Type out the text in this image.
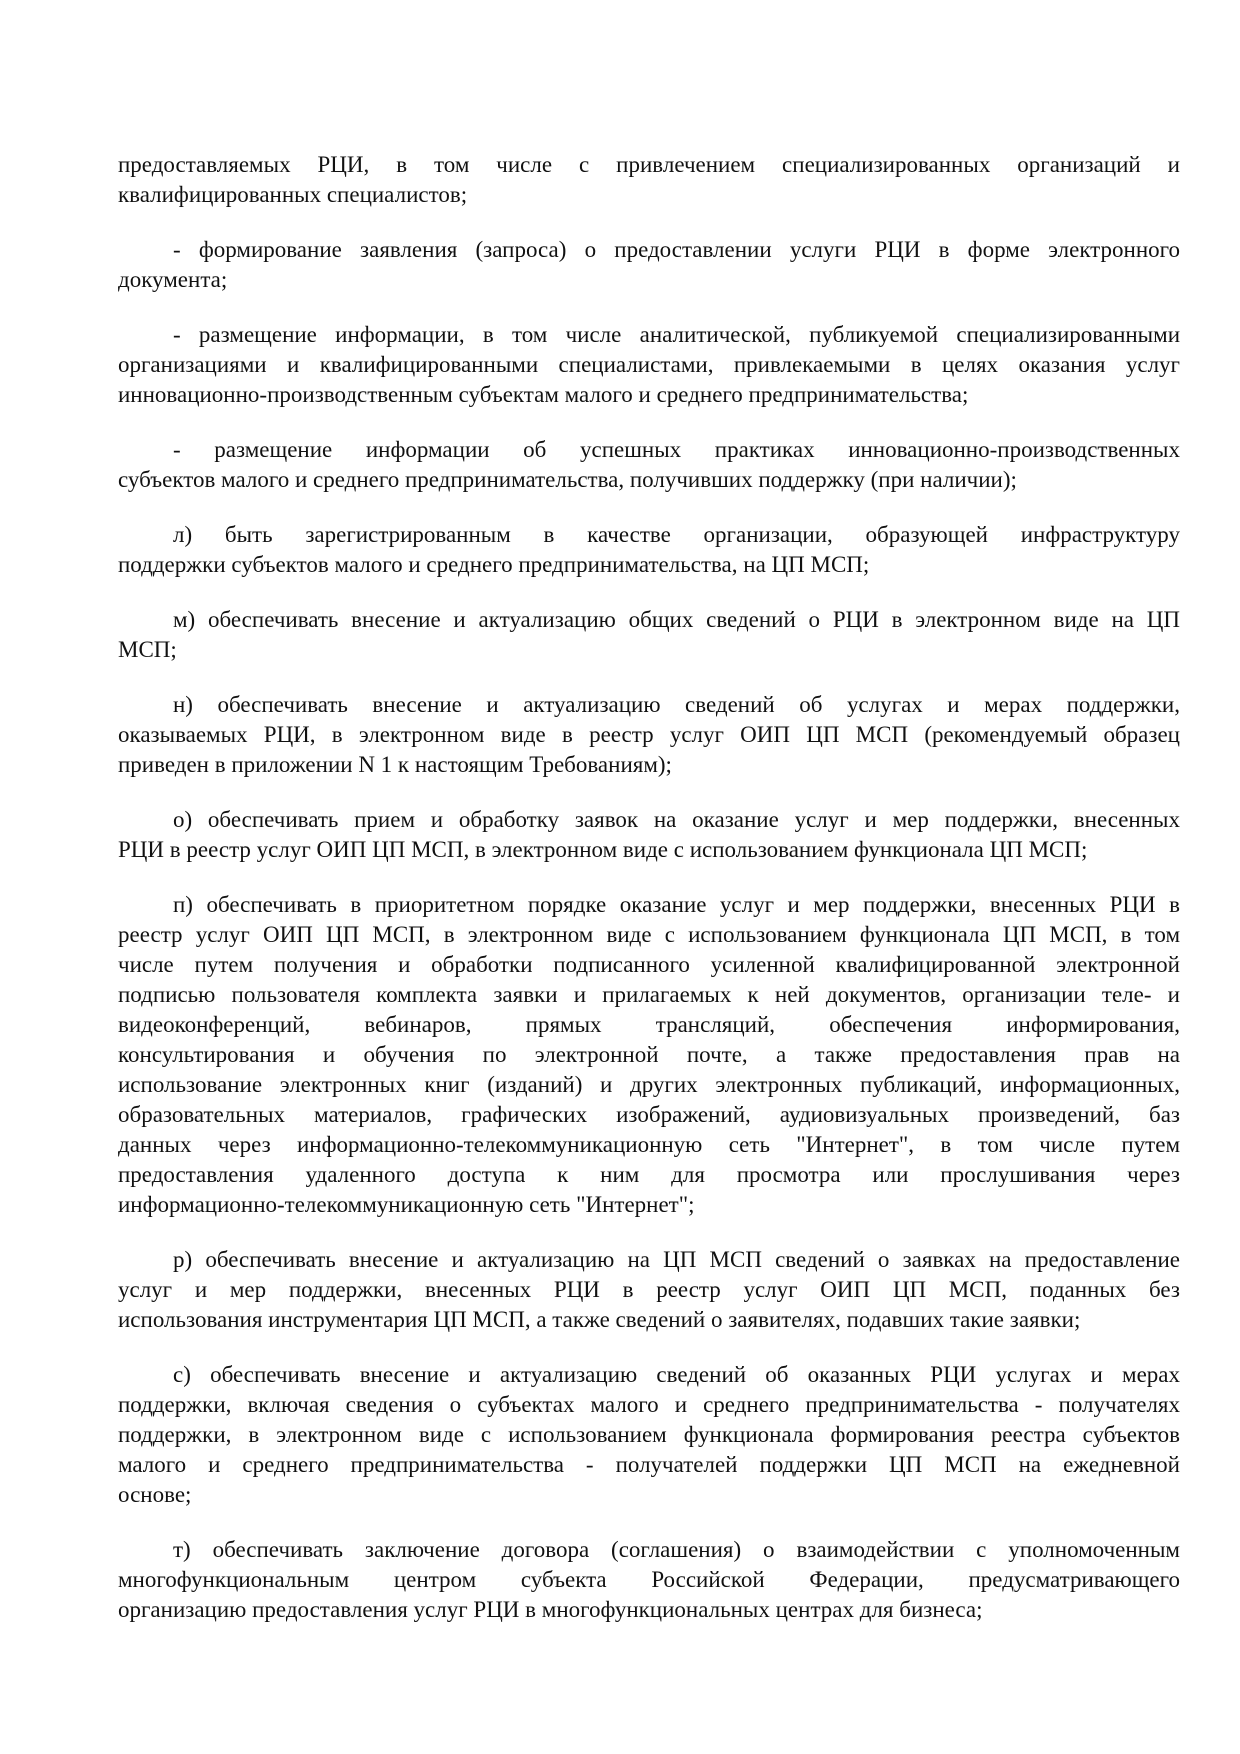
предоставляемых РЦИ, в том числе с привлечением специализированных организаций и
квалифицированных специалистов;
- формирование заявления (запроса) о предоставлении услуги РЦИ в форме электронного
документа;
- размещение информации, в том числе аналитической, публикуемой специализированными
организациями и квалифицированными специалистами, привлекаемыми в целях оказания услуг
инновационно-производственным субъектам малого и среднего предпринимательства;
- размещение информации об успешных практиках инновационно-производственных
субъектов малого и среднего предпринимательства, получивших поддержку (при наличии);
л) быть зарегистрированным в качестве организации, образующей инфраструктуру
поддержки субъектов малого и среднего предпринимательства, на ЦП МСП;
м) обеспечивать внесение и актуализацию общих сведений о РЦИ в электронном виде на ЦП
МСП;
н) обеспечивать внесение и актуализацию сведений об услугах и мерах поддержки,
оказываемых РЦИ, в электронном виде в реестр услуг ОИП ЦП МСП (рекомендуемый образец
приведен в приложении N 1 к настоящим Требованиям);
о) обеспечивать прием и обработку заявок на оказание услуг и мер поддержки, внесенных
РЦИ в реестр услуг ОИП ЦП МСП, в электронном виде с использованием функционала ЦП МСП;
п) обеспечивать в приоритетном порядке оказание услуг и мер поддержки, внесенных РЦИ в
реестр услуг ОИП ЦП МСП, в электронном виде с использованием функционала ЦП МСП, в том
числе путем получения и обработки подписанного усиленной квалифицированной электронной
подписью пользователя комплекта заявки и прилагаемых к ней документов, организации теле- и
видеоконференций, вебинаров, прямых трансляций, обеспечения информирования,
консультирования и обучения по электронной почте, а также предоставления прав на
использование электронных книг (изданий) и других электронных публикаций, информационных,
образовательных материалов, графических изображений, аудиовизуальных произведений, баз
данных через информационно-телекоммуникационную сеть "Интернет", в том числе путем
предоставления удаленного доступа к ним для просмотра или прослушивания через
информационно-телекоммуникационную сеть "Интернет";
р) обеспечивать внесение и актуализацию на ЦП МСП сведений о заявках на предоставление
услуг и мер поддержки, внесенных РЦИ в реестр услуг ОИП ЦП МСП, поданных без
использования инструментария ЦП МСП, а также сведений о заявителях, подавших такие заявки;
с) обеспечивать внесение и актуализацию сведений об оказанных РЦИ услугах и мерах
поддержки, включая сведения о субъектах малого и среднего предпринимательства - получателях
поддержки, в электронном виде с использованием функционала формирования реестра субъектов
малого и среднего предпринимательства - получателей поддержки ЦП МСП на ежедневной
основе;
т) обеспечивать заключение договора (соглашения) о взаимодействии с уполномоченным
многофункциональным центром субъекта Российской Федерации, предусматривающего
организацию предоставления услуг РЦИ в многофункциональных центрах для бизнеса;
